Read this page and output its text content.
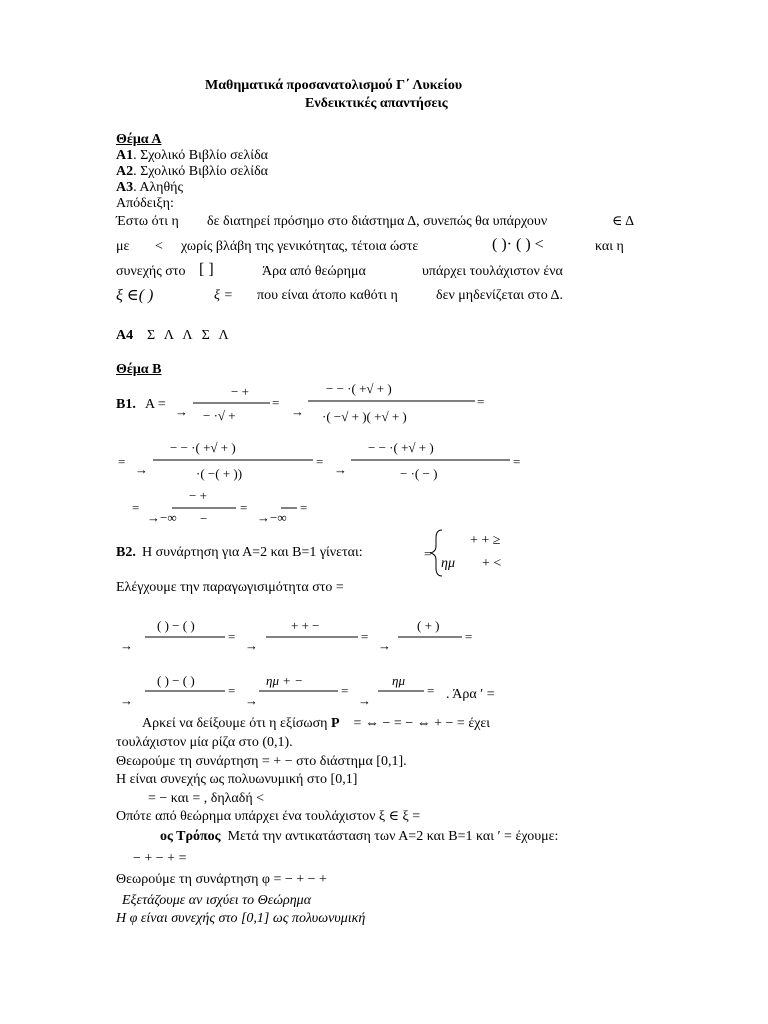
Μαθηματικά προσανατολισμού Γ΄ Λυκείου
Ενδεικτικές απαντήσεις
Θέμα Α
Α1. Σχολικό Βιβλίο σελίδα
Α2. Σχολικό Βιβλίο σελίδα
Α3. Αληθής
Απόδειξη:
Έστω ότι η δε διατηρεί πρόσημο στο διάστημα Δ, συνεπώς θα υπάρχουν	∈ Δ
με < χωρίς βλάβη της γενικότητας, τέτοια ώστε	( )· ( ) <	και η
συνεχής στο [ ]	Άρα από θεώρημα	υπάρχει τουλάχιστον ένα
ξ ∈( )	ξ = που είναι άτοπο καθότι η	δεν μηδενίζεται στο Δ.
Α4 Σ Λ Λ Σ Λ
Θέμα Β
Β1. Α = →
− +
− ·√ +
=
→
− − ·( +√ + )
·( −√ + )( +√ + )
=
=
→
− − ·( +√ + )
·( −( + ))
=
→
− − ·( +√ + )
− ·( − )
=
=
→−∞
− +
−
=
→−∞
=
=
→
( ) − ( )
=
→
+ + −
=
→
( + )
=
→
( ) − ( )
=
→
ημ + −
=
→
ημ
=
Β2. Η συνάρτηση για Α=2 και Β=1 γίνεται:
+ + ≥
ημ + <
Ελέγχουμε την παραγωγισιμότητα στο =
. Άρα ′ =
Αρκεί να δείξουμε ότι η εξίσωση P = ⇔ − = − ⇔ + − = έχει
τουλάχιστον μία ρίζα στο (0,1).
Θεωρούμε τη συνάρτηση = + − στο διάστημα [0,1].
Η είναι συνεχής ως πολυωνυμική στο [0,1]
= − και = , δηλαδή <
Οπότε από θεώρημα υπάρχει ένα τουλάχιστον ξ ∈ ξ =
ος Τρόπος Μετά την αντικατάσταση των Α=2 και Β=1 και ′ = έχουμε:
− + − + =
Θεωρούμε τη συνάρτηση φ = − + − +
Εξετάζουμε αν ισχύει το Θεώρημα
Η φ είναι συνεχής στο [0,1] ως πολυωνυμική
